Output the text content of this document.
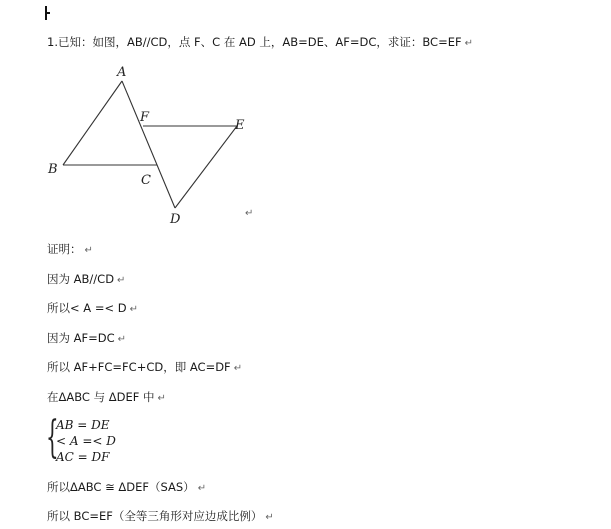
1.已知：如图，AB//CD，点 F、C 在 AD 上，AB=DE、AF=DC，求证：BC=EF ↵
A
B
C
D
E
F
↵
证明： ↵
因为 AB//CD ↵
所以< A =< D ↵
因为 AF=DC ↵
所以 AF+FC=FC+CD，即 AC=DF ↵
在ΔABC 与 ΔDEF 中 ↵
{
AB = DE
< A =< D
AC = DF
所以ΔABC ≅ ΔDEF（SAS） ↵
所以 BC=EF（全等三角形对应边成比例） ↵
